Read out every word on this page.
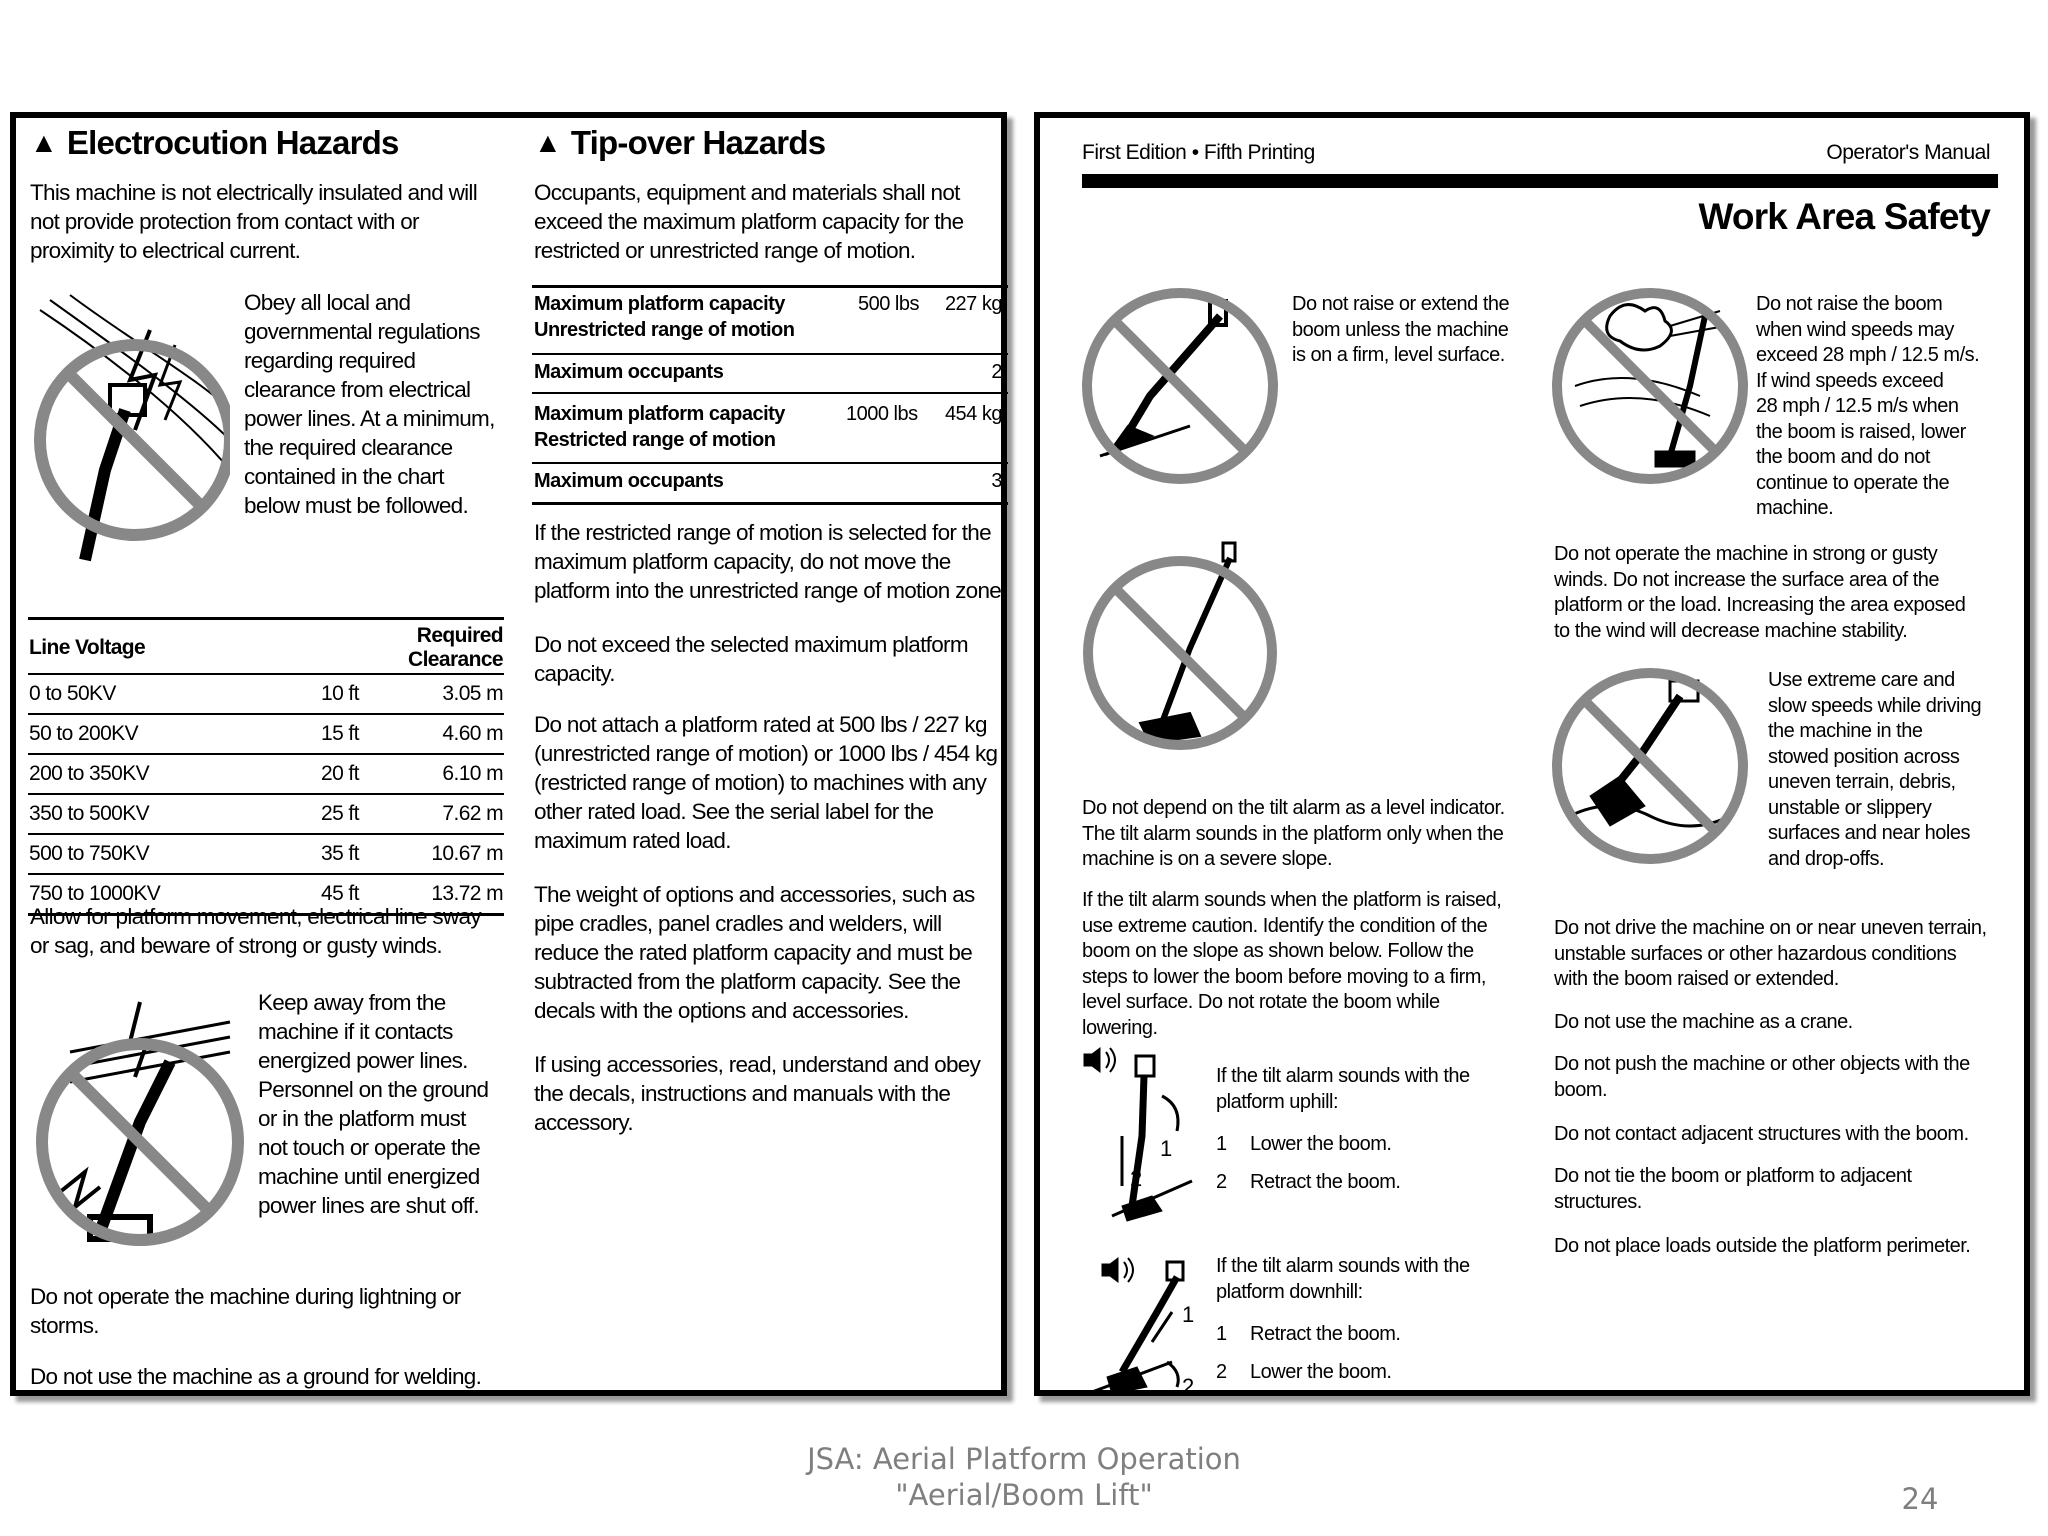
▲ Electrocution Hazards
This machine is not electrically insulated and will
not provide protection from contact with or
proximity to electrical current.
Obey all local and
governmental regulations
regarding required
clearance from electrical
power lines. At a minimum,
the required clearance
contained in the chart
below must be followed.
Line Voltage	Required Clearance	
0 to 50KV	10 ft	3.05 m
50 to 200KV	15 ft	4.60 m
200 to 350KV	20 ft	6.10 m
350 to 500KV	25 ft	7.62 m
500 to 750KV	35 ft	10.67 m
750 to 1000KV	45 ft	13.72 m
Allow for platform movement, electrical line sway
or sag, and beware of strong or gusty winds.
Keep away from the
machine if it contacts
energized power lines.
Personnel on the ground
or in the platform must
not touch or operate the
machine until energized
power lines are shut off.
Do not operate the machine during lightning or
storms.
Do not use the machine as a ground for welding.
▲ Tip-over Hazards
Occupants, equipment and materials shall not
exceed the maximum platform capacity for the
restricted or unrestricted range of motion.
Maximum platform capacity
Unrestricted range of motion
500 lbs	227 kg
Maximum occupants	2
Maximum platform capacity
Restricted range of motion
1000 lbs	454 kg
Maximum occupants	3
If the restricted range of motion is selected for the
maximum platform capacity, do not move the
platform into the unrestricted range of motion zone.
Do not exceed the selected maximum platform
capacity.
Do not attach a platform rated at 500 lbs / 227 kg
(unrestricted range of motion) or 1000 lbs / 454 kg
(restricted range of motion) to machines with any
other rated load. See the serial label for the
maximum rated load.
The weight of options and accessories, such as
pipe cradles, panel cradles and welders, will
reduce the rated platform capacity and must be
subtracted from the platform capacity. See the
decals with the options and accessories.
If using accessories, read, understand and obey
the decals, instructions and manuals with the
accessory.
First Edition • Fifth Printing	Operator's Manual
Work Area Safety
Do not raise or extend the
boom unless the machine
is on a firm, level surface.
Do not depend on the tilt alarm as a level indicator.
The tilt alarm sounds in the platform only when the
machine is on a severe slope.
If the tilt alarm sounds when the platform is raised,
use extreme caution. Identify the condition of the
boom on the slope as shown below. Follow the
steps to lower the boom before moving to a firm,
level surface. Do not rotate the boom while
lowering.
1
2
If the tilt alarm sounds with the
platform uphill:
1 Lower the boom.
2 Retract the boom.
1
2
If the tilt alarm sounds with the
platform downhill:
1 Retract the boom.
2 Lower the boom.
Do not raise the boom
when wind speeds may
exceed 28 mph / 12.5 m/s.
If wind speeds exceed
28 mph / 12.5 m/s when
the boom is raised, lower
the boom and do not
continue to operate the
machine.
Do not operate the machine in strong or gusty
winds. Do not increase the surface area of the
platform or the load. Increasing the area exposed
to the wind will decrease machine stability.
Use extreme care and
slow speeds while driving
the machine in the
stowed position across
uneven terrain, debris,
unstable or slippery
surfaces and near holes
and drop-offs.
Do not drive the machine on or near uneven terrain,
unstable surfaces or other hazardous conditions
with the boom raised or extended.
Do not use the machine as a crane.
Do not push the machine or other objects with the
boom.
Do not contact adjacent structures with the boom.
Do not tie the boom or platform to adjacent
structures.
Do not place loads outside the platform perimeter.
JSA: Aerial Platform Operation
"Aerial/Boom Lift"	24
